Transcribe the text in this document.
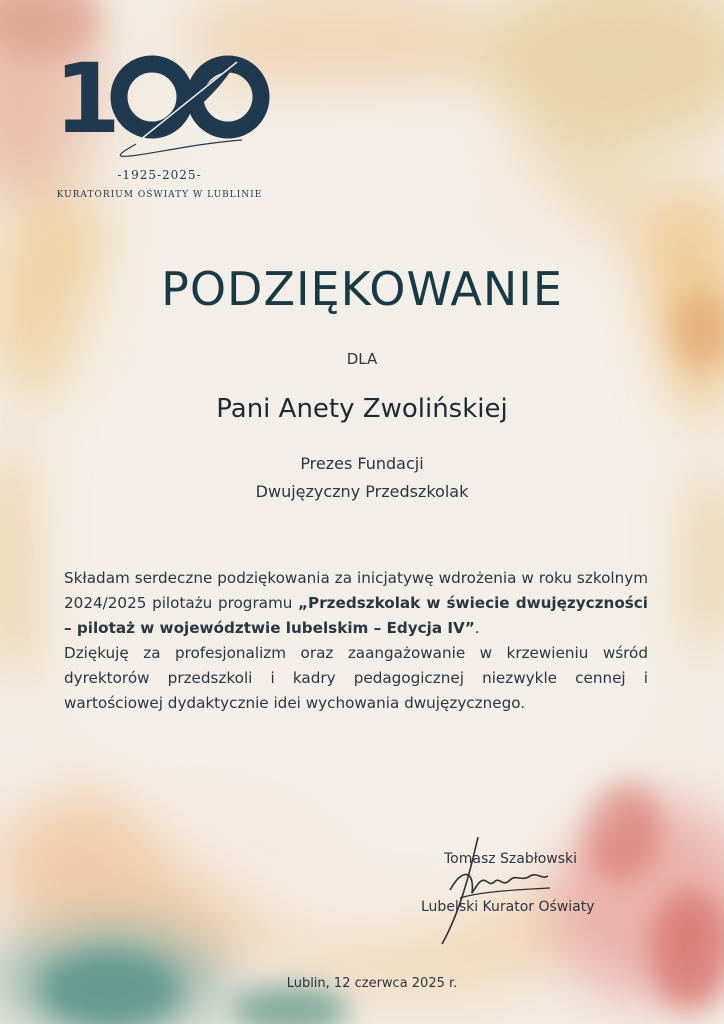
1
-1925-2025-
KURATORIUM OŚWIATY W LUBLINIE
PODZIĘKOWANIE
DLA
Pani Anety Zwolińskiej
Prezes Fundacji
Dwujęzyczny Przedszkolak

Składam serdeczne podziękowania za inicjatywę wdrożenia w roku szkolnym 2024/2025 pilotażu programu „Przedszkolak w świecie dwujęzyczności – pilotaż w województwie lubelskim – Edycja IV”.

Dziękuję za profesjonalizm oraz zaangażowanie w krzewieniu wśród dyrektorów przedszkoli i kadry pedagogicznej niezwykle cennej i wartościowej dydaktycznie idei wychowania dwujęzycznego.

Tomasz Szabłowski
Lubelski Kurator Oświaty
Lublin, 12 czerwca 2025 r.
